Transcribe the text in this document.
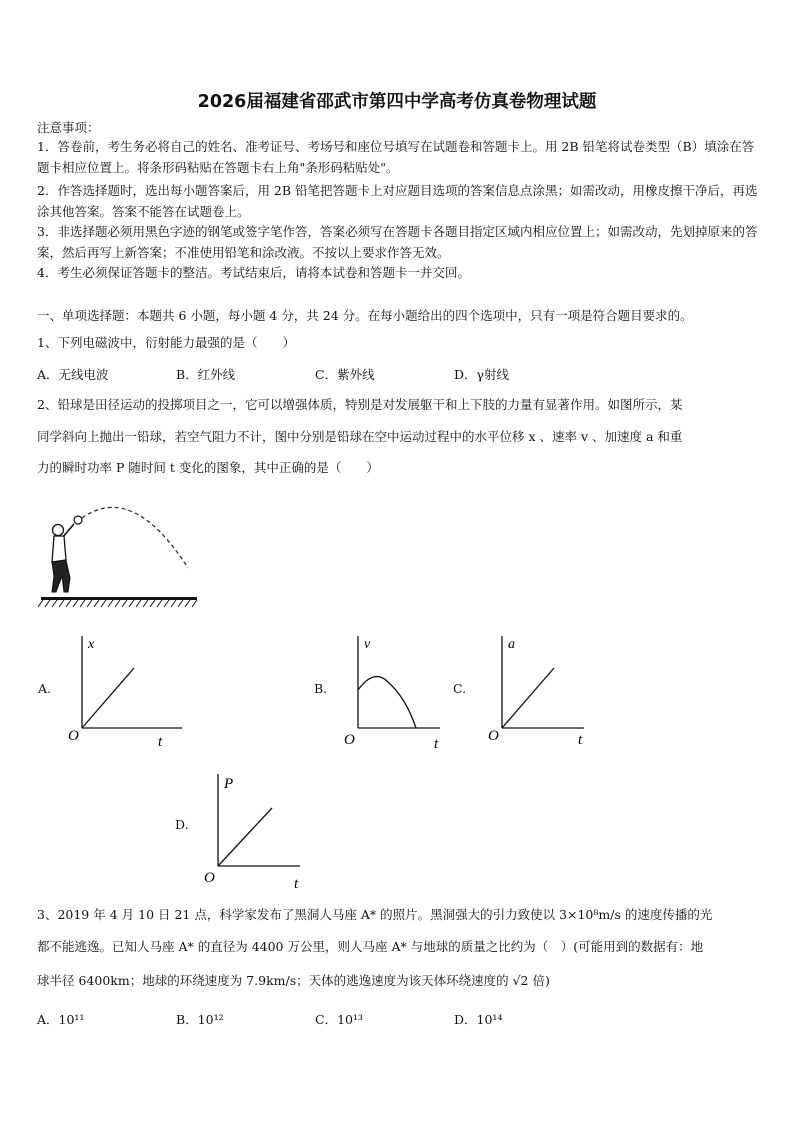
2026届福建省邵武市第四中学高考仿真卷物理试题
注意事项：
1．答卷前，考生务必将自己的姓名、准考证号、考场号和座位号填写在试题卷和答题卡上。用 2B 铅笔将试卷类型（B）填涂在答题卡相应位置上。将条形码粘贴在答题卡右上角"条形码粘贴处"。
2．作答选择题时，选出每小题答案后，用 2B 铅笔把答题卡上对应题目选项的答案信息点涂黑；如需改动，用橡皮擦干净后，再选涂其他答案。答案不能答在试题卷上。
3．非选择题必须用黑色字迹的钢笔或签字笔作答，答案必须写在答题卡各题目指定区域内相应位置上；如需改动，先划掉原来的答案，然后再写上新答案；不准使用铅笔和涂改液。不按以上要求作答无效。
4．考生必须保证答题卡的整洁。考试结束后，请将本试卷和答题卡一并交回。
一、单项选择题：本题共 6 小题，每小题 4 分，共 24 分。在每小题给出的四个选项中，只有一项是符合题目要求的。
1、下列电磁波中，衍射能力最强的是（　　）
A．无线电波	B．红外线	C．紫外线	D．γ射线
2、铅球是田径运动的投掷项目之一，它可以增强体质，特别是对发展躯干和上下肢的力量有显著作用。如图所示，某
同学斜向上抛出一铅球，若空气阻力不计，图中分别是铅球在空中运动过程中的水平位移 x 、速率 v 、加速度 a 和重
力的瞬时功率 P 随时间 t 变化的图象，其中正确的是（　　）
A.
x
O	t
B.
v
O	t
C.
a
O	t
D.
P
O	t
3、2019 年 4 月 10 日 21 点，科学家发布了黑洞人马座 A* 的照片。黑洞强大的引力致使以 3×10⁸m/s 的速度传播的光
都不能逃逸。已知人马座 A* 的直径为 4400 万公里，则人马座 A* 与地球的质量之比约为（　）(可能用到的数据有：地
球半径 6400km；地球的环绕速度为 7.9km/s；天体的逃逸速度为该天体环绕速度的 √2 倍)
A．10¹¹	B．10¹²	C．10¹³	D．10¹⁴
